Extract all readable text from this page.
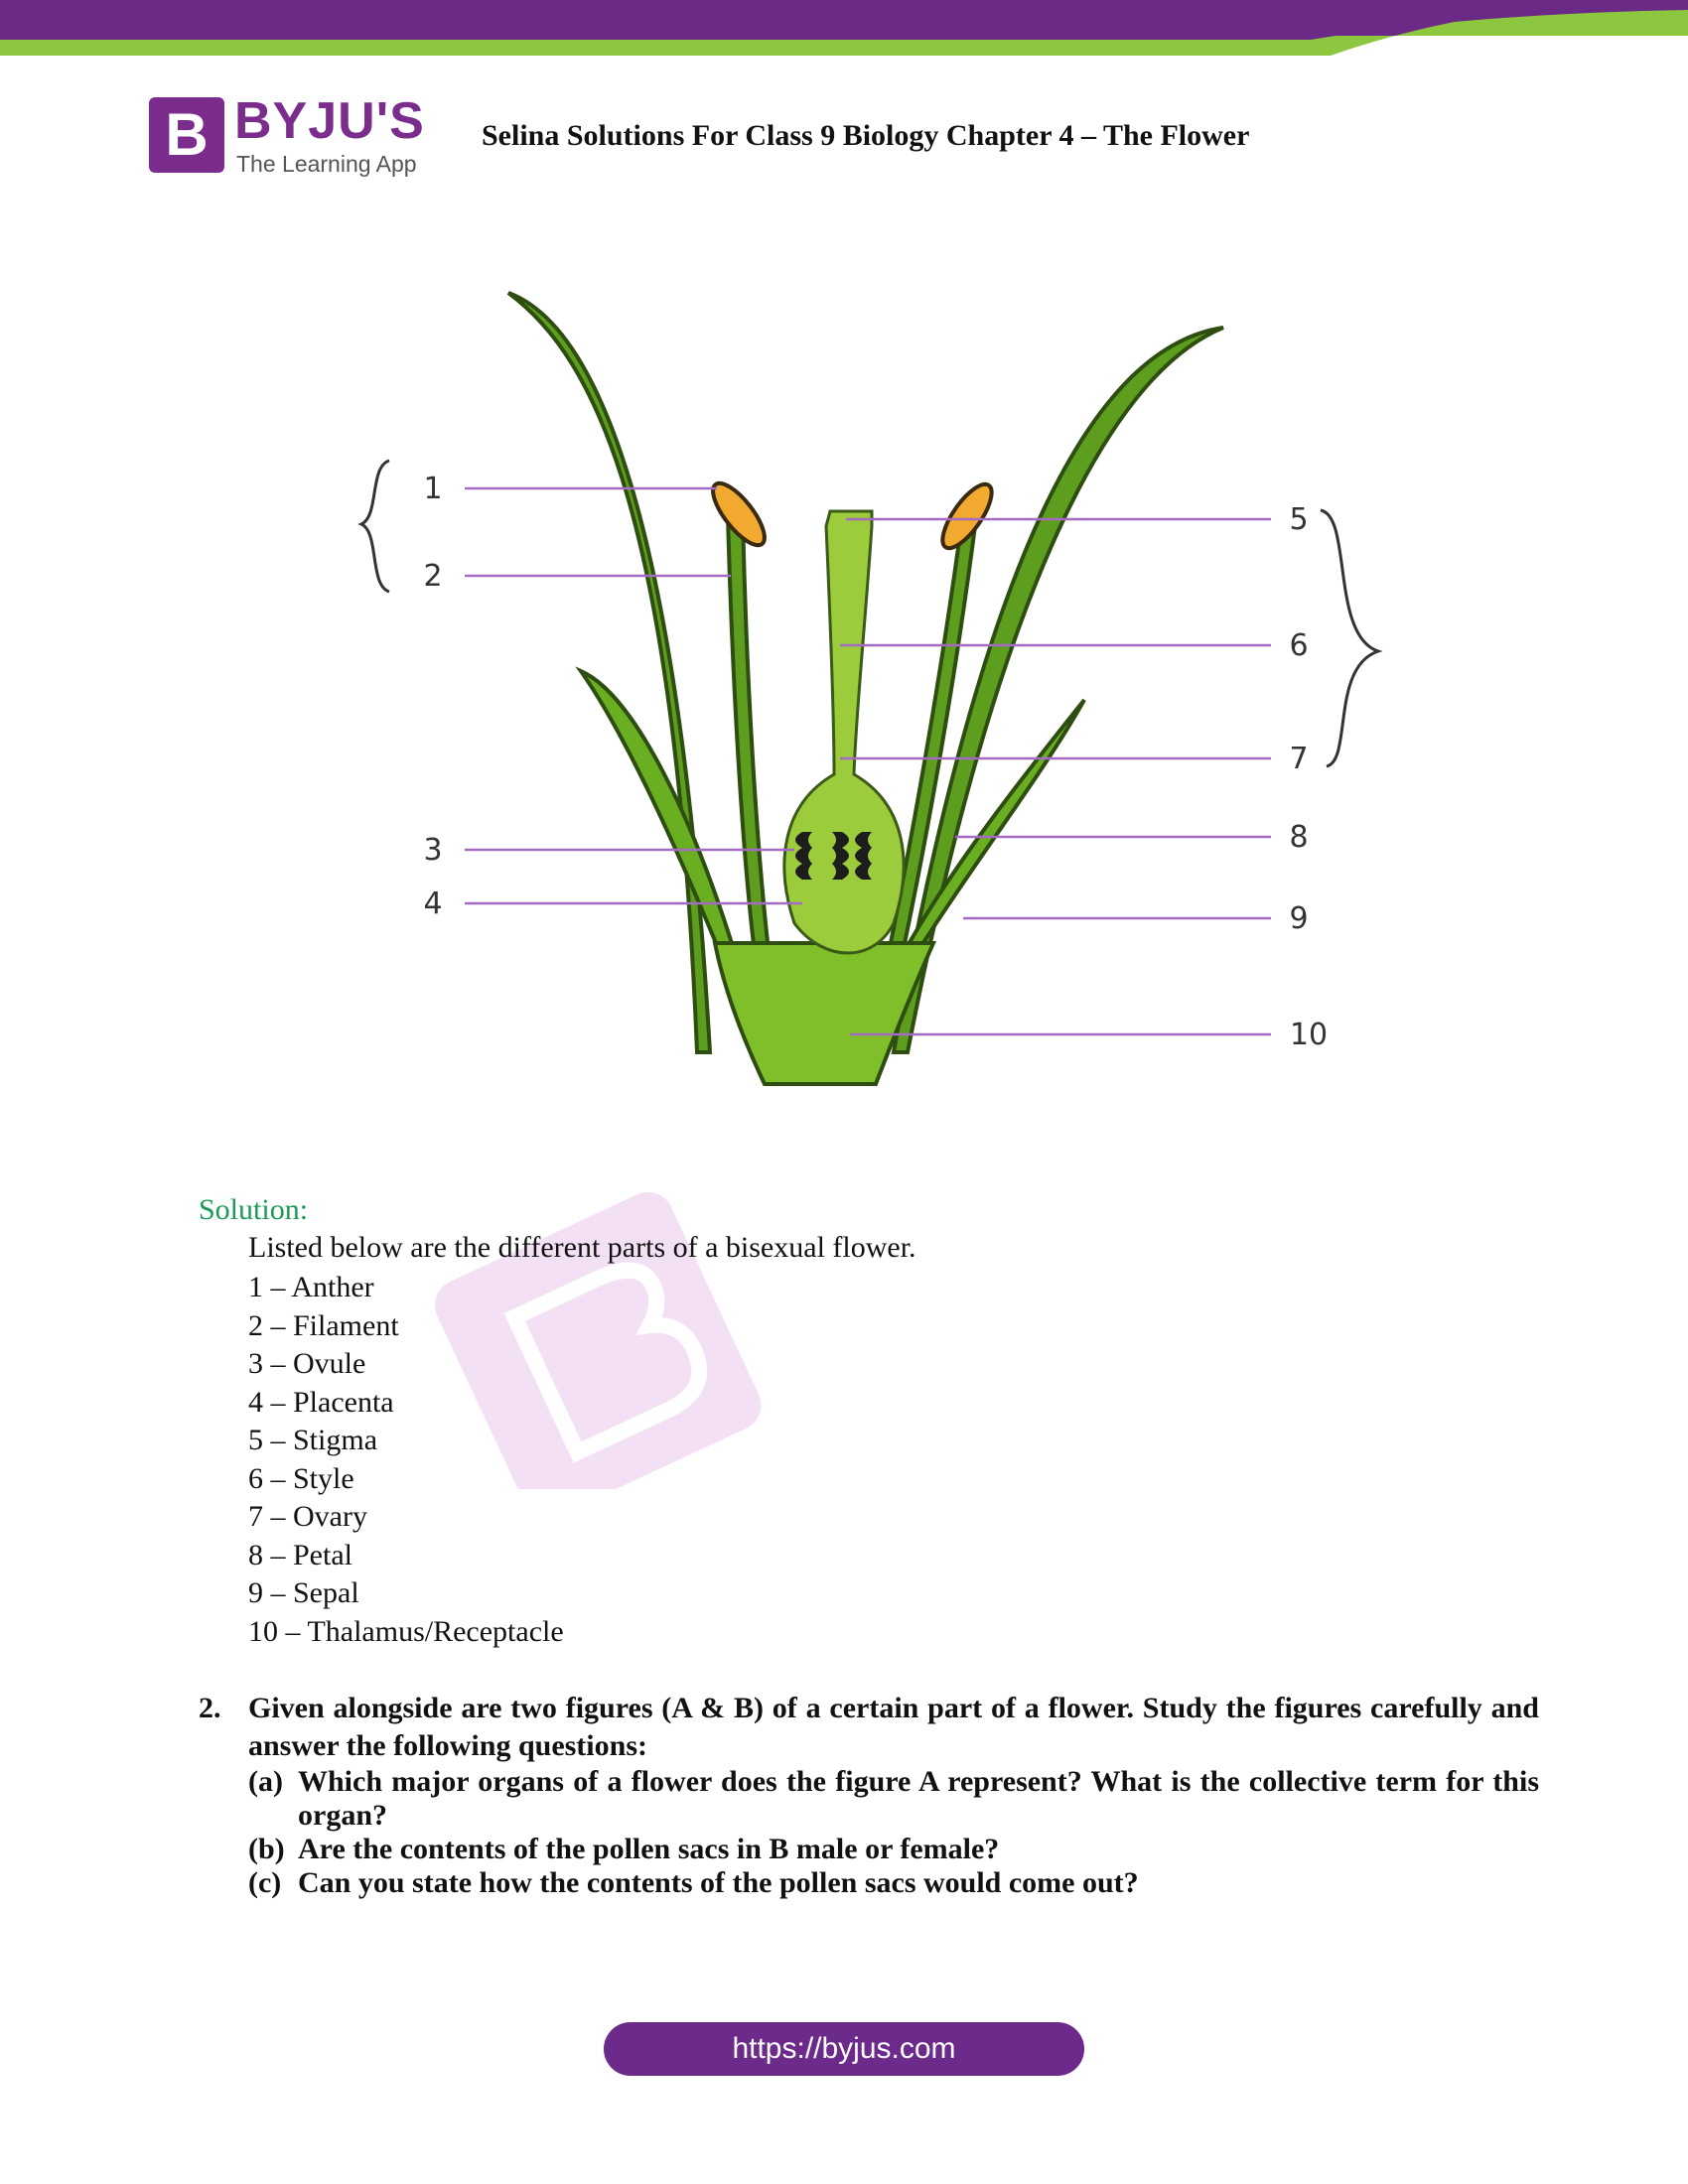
B BYJU'S
The Learning App
Selina Solutions For Class 9 Biology Chapter 4 – The Flower
1
2
3
4
5
6
7
8
9
10
Solution:
Listed below are the different parts of a bisexual flower.
1 – Anther
2 – Filament
3 – Ovule
4 – Placenta
5 – Stigma
6 – Style
7 – Ovary
8 – Petal
9 – Sepal
10 – Thalamus/Receptacle
2. Given alongside are two figures (A & B) of a certain part of a flower. Study the figures carefully and answer the following questions:
(a) Which major organs of a flower does the figure A represent? What is the collective term for this organ?
(b) Are the contents of the pollen sacs in B male or female?
(c) Can you state how the contents of the pollen sacs would come out?
https://byjus.com
